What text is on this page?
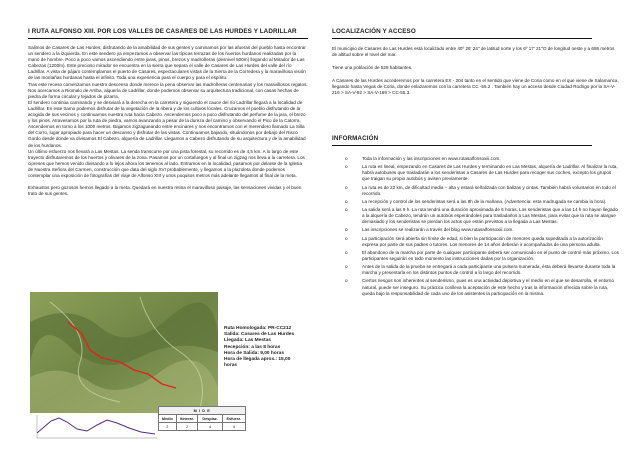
I RUTA ALFONSO XIII. POR LOS VALLES DE CASARES DE LAS HURDES Y LADRILLAR

Salimos de Casares de Las Hurdes, disfrutando de la amabilidad de sus gentes y caminamos por las afueras del pueblo hasta encontrar un sendero a la izquierda. En este sendero ya empezamos a observar las típicas terrazas de los huertos hurdanos realizadas por la mano de hombre. Poco a poco vamos ascendiendo entre jaras, pinos, brezos y madroñeras (desnivel 500m) llegando al Mirador de Las Cabezas (1200m). Este precioso mirador se encuentra en la sierra que separa el valle de Casares de Las Hurdes del valle del río Ladrillar. A vista de pájaro contemplamos el puerto de Casares, espectaculares vistas de la Sierra de la Corredera y la maravillosa visión de las montañas hurdanas hasta el infinito. Toda una experiencia para el cuerpo y para el espíritu.

Tras este receso comenzamos nuestro descenso donde merece la pena observar las madroñeras centenarias y los maravillosos regatos. Nos acercamos a Riomalo de Arriba, alquería de Ladrillar, donde podemos observar su arquitectura tradicional, con casas hechas de piedra de forma circular y tejados de pizarra.

El sendero continúa caminando y se desviará a la derecha en la carretera y siguiendo el cauce del río Ladrillar llegará a la localidad de Ladrillar. En este tramo podemos disfrutar de la vegetación de la ribera y de los cultivos locales. Cruzamos el pueblo disfrutando de la acogida de sus vecinos y continuamos nuestra ruta hacia Cabezo. Ascendemos poco a poco disfrutando del perfume de la jara, el brezo y los pinos. Atravesamos por la ruta de piedra, vamos avanzando a pesar de la dureza del camino y observando el Pico de la Catorra. Ascendemos en torno a los 1000 metros. Bajamos zigzagueando entre encinares y nos encontramos con el merendero llamado La Silla del Corro, lugar apropiado para hacer un descanso y disfrutar de las vistas. Continuamos bajando, situándonos por debajo del Risco Gordo desde donde va divisamos El Cabezo, alquería de Ladrillar. Llegamos a Cabezo disfrutando de su arquitectura y de la amabilidad de los hurdanos.

Un último esfuerzo nos llevará a Las Mestas. La senda transcurre por una pista forestal, su recorrido es de 4,5 km. A lo largo de este trayecto disfrutaremos de los huertos y olivares de la zona. Pasamos por un cortafuegos y al final un zigzag nos lleva a la carretera. Los cipreses que hemos venido divisando a lo lejos ahora los tenemos al lado. Entramos en la localidad, pasamos por delante de la Iglesia de Nuestra Señora del Carmen, construcción que data del siglo XVI probablemente, y llegamos a la plazoleta donde podemos contemplar una exposición de fotografías del viaje de Alfonso XIII y unos poquitos metros más adelante llegamos al final de la meta.

Exhaustos pero gozosos hemos llegado a la meta. Quedará en nuestra retina el maravilloso paisaje, las sensaciones vividas y el buen trato de sus gentes.

Ruta Homologada: PR-CC212
Salida: Casares de Las Hurdes
Llegada: Las Mestas
Recepción: a las 8 horas
Hora de Salida: 9,00 horas
Hora de llegada aprox.: 15,00
horas
M I D E			
Medio	Itinerar.	Desplaz.	Esfuerz.
2	2	4	4
LOCALIZACIÓN Y ACCESO

El municipio de Casares de Las Hurdes está localizado entre 40º 26' 24'' de latitud norte y los 6º 17' 21''O de longitud oeste y a 686 metros de altitud sobre el nivel del mar.

Tiene una población de 528 habitantes.

A Casares de las Hurdes accederemos por la carretera EX - 204 tanto en el sentido que viene de Coria como en el que viene de Salamanca, llegando hasta Vegas de Coria, donde enlazaremos con la carretera CC -55.2 . También hay un acceso desde Ciudad Rodrigo por la SA-V-216 > SA-V-92 > SA-V-169 > CC-55.3.

INFORMACIÓN
o	Toda la información y las inscripciones en www.rutasalfonsoxiii.com.
o	La ruta es lineal, empezando en Casares de Las Hurdes y terminando en Las Mestas, alquería de Ladrillar. Al finalizar la ruta, habrá autobuses que trasladarán a los senderistas a Casares de Las Hurdes para recoger sus coches, excepto los grupos que traigan su propio autobús y avisen previamente.
o	La ruta es de 22 km, de dificultad media – alta y estará señalizada con balizas y cintas. También habrá voluntarios en todo el recorrido.
o	La recepción y control de los senderistas será a las 8h de la mañana, (Advertencia: esta madrugada se cambia la hora).
o	La salida será a las 9 h. La ruta tendrá una duración aproximada de 6 horas. Los senderistas que a las 14 h no hayan llegado a la alquería de Cabezo, tendrán un autobús esperándoles para trasladarlos a Las Mestas, para evitar que la ruta se alargue demasiado y los senderistas se pierdan los actos que están previstos a la llegada a Las Mestas.
o	Las inscripciones se realizarán a través del blog www.rutasalfonsoxiii.com.
o	La participación será abierta sin límite de edad, si bien la participación de menores queda supeditada a la autorización expresa por parte de sus padres o tutores. Los menores de 14 años deberán ir acompañados de una persona adulta.
o	El abandono de la marcha por parte de cualquier participante deberá ser comunicado en el punto de control más próximo. Los participantes seguirán en todo momento las instrucciones dadas por la organización.
o	Antes de la salida de la prueba se entregará a cada participante una pulsera numerada, ésta deberá llevarse durante toda la marcha y presentarla en los distintos puntos de control a lo largo del recorrido.
o	Ciertos riesgos son inherentes al senderismo, pues es una actividad deportiva y el medio en el que se desarrolla, el entorno natural, puede ser inseguro. Su práctica conlleva la aceptación de este hecho y tras la información ofrecida sobre la ruta, queda bajo la responsabilidad de cada uno de los asistentes la participación en la misma.
